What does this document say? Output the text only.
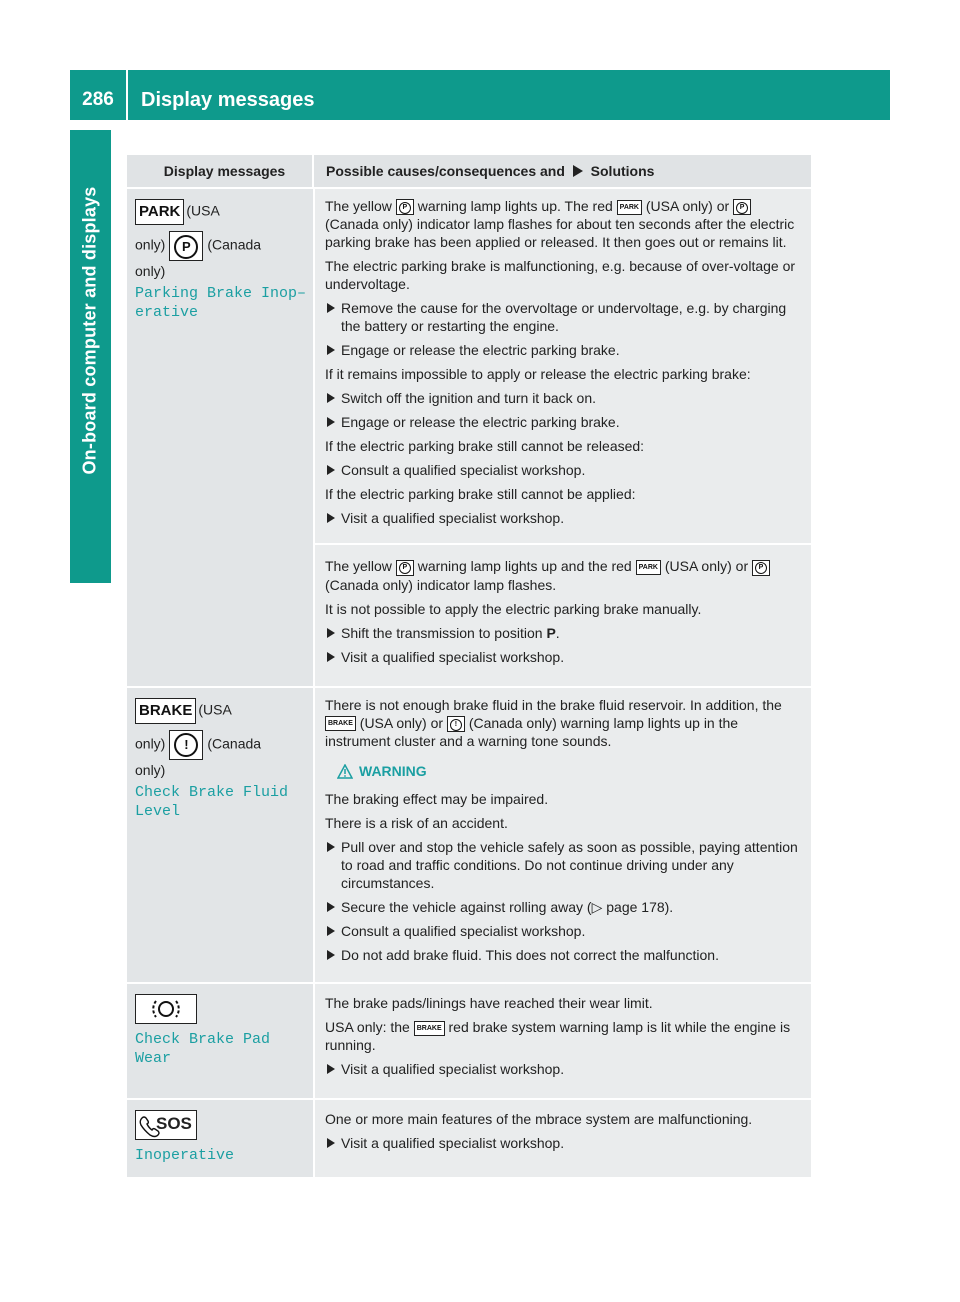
286	Display messages
On-board computer and displays
Display messages	Possible causes/consequences and Solutions
PARK (USA
only) P (Canada
only)
Parking Brake Inop–
erative

The yellow P warning lamp lights up. The red PARK (USA only) or P (Canada only) indicator lamp flashes for about ten seconds after the electric parking brake has been applied or released. It then goes out or remains lit.

The electric parking brake is malfunctioning, e.g. because of over-voltage or undervoltage.

Remove the cause for the overvoltage or undervoltage, e.g. by charging the battery or restarting the engine.
Engage or release the electric parking brake.

If it remains impossible to apply or release the electric parking brake:

Switch off the ignition and turn it back on.
Engage or release the electric parking brake.

If the electric parking brake still cannot be released:

Consult a qualified specialist workshop.

If the electric parking brake still cannot be applied:

Visit a qualified specialist workshop.

The yellow P warning lamp lights up and the red PARK (USA only) or P (Canada only) indicator lamp flashes.

It is not possible to apply the electric parking brake manually.

Shift the transmission to position P.
Visit a qualified specialist workshop.
BRAKE (USA
only) ! (Canada
only)
Check Brake Fluid
Level

There is not enough brake fluid in the brake fluid reservoir. In addition, the BRAKE (USA only) or ! (Canada only) warning lamp lights up in the instrument cluster and a warning tone sounds.

WARNING

The braking effect may be impaired.

There is a risk of an accident.

Pull over and stop the vehicle safely as soon as possible, paying attention to road and traffic conditions. Do not continue driving under any circumstances.
Secure the vehicle against rolling away (▷ page 178).
Consult a qualified specialist workshop.
Do not add brake fluid. This does not correct the malfunction.
Check Brake Pad Wear

The brake pads/linings have reached their wear limit.

USA only: the BRAKE red brake system warning lamp is lit while the engine is running.

Visit a qualified specialist workshop.
SOS
Inoperative

One or more main features of the mbrace system are malfunctioning.

Visit a qualified specialist workshop.
